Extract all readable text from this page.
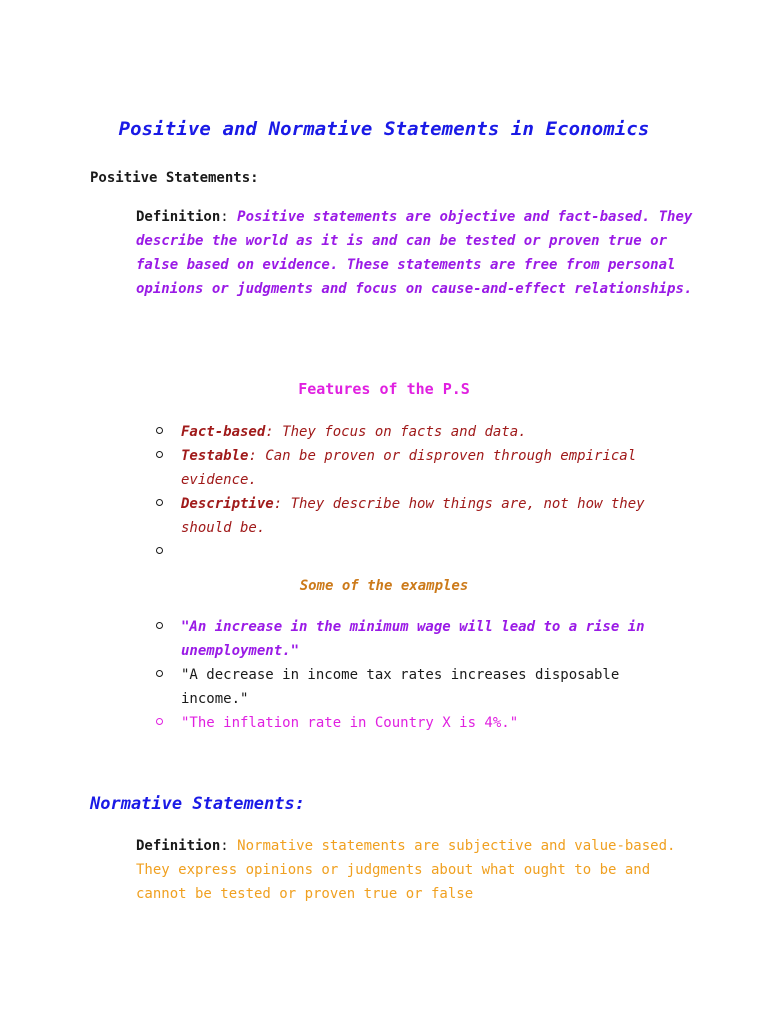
Positive and Normative Statements in Economics
Positive Statements:

Definition: Positive statements are objective and fact-based. They describe the world as it is and can be tested or proven true or false based on evidence. These statements are free from personal opinions or judgments and focus on cause-and-effect relationships.

Features of the P.S
Fact-based: They focus on facts and data.
Testable: Can be proven or disproven through empirical evidence.
Descriptive: They describe how things are, not how they should be.

Some of the examples
"An increase in the minimum wage will lead to a rise in unemployment."
"A decrease in income tax rates increases disposable income."
"The inflation rate in Country X is 4%."
Normative Statements:

Definition: Normative statements are subjective and value-based. They express opinions or judgments about what ought to be and cannot be tested or proven true or false
